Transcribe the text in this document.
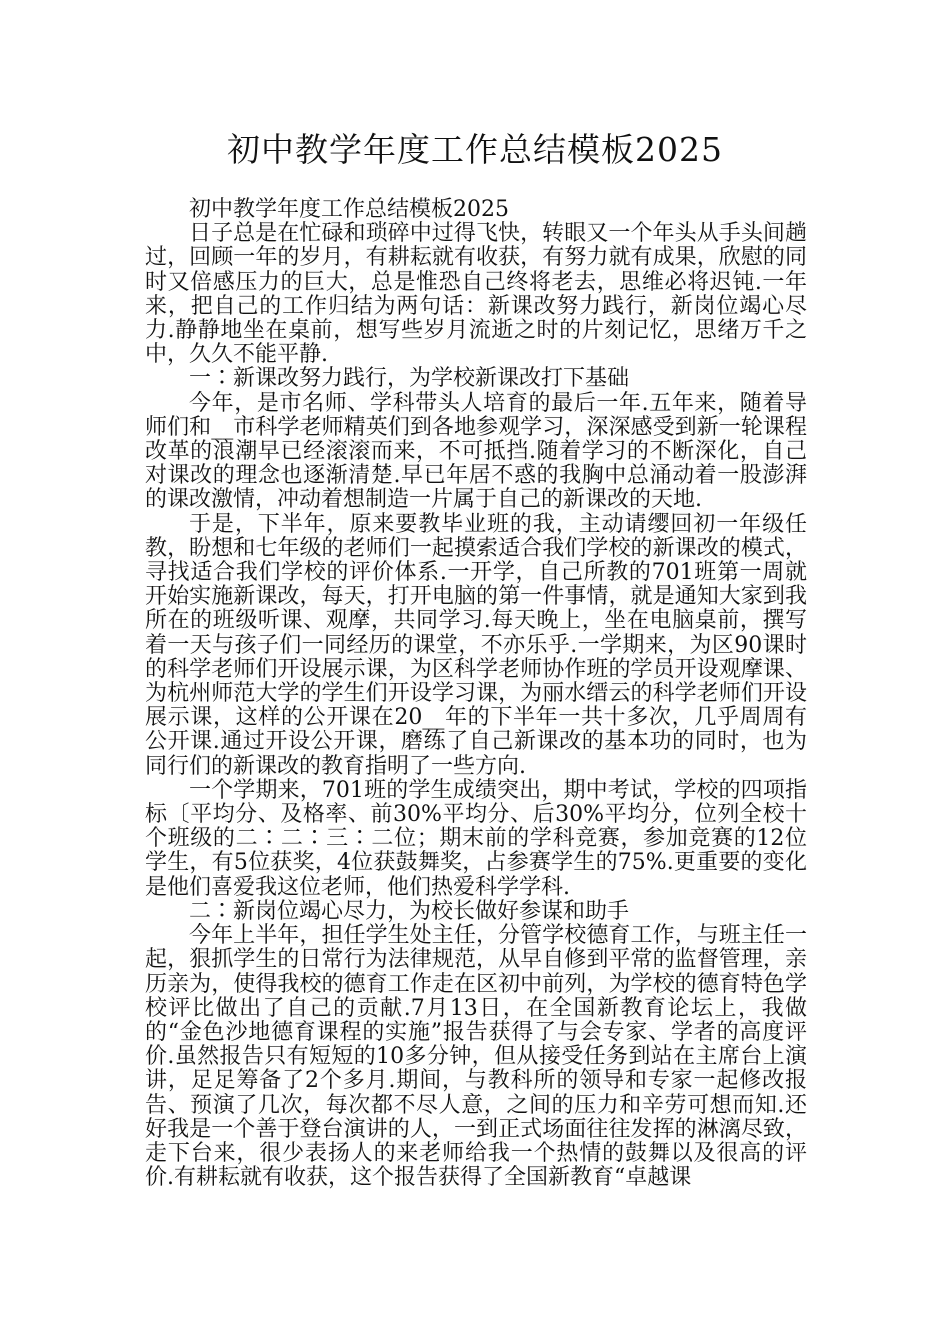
初中教学年度工作总结模板2025

初中教学年度工作总结模板2025

日子总是在忙碌和琐碎中过得飞快，转眼又一个年头从手头间趟过，回顾一年的岁月，有耕耘就有收获，有努力就有成果，欣慰的同时又倍感压力的巨大，总是惟恐自己终将老去，思维必将迟钝.一年来，把自己的工作归结为两句话：新课改努力践行，新岗位竭心尽力.静静地坐在桌前，想写些岁月流逝之时的片刻记忆，思绪万千之中，久久不能平静.

一∶新课改努力践行，为学校新课改打下基础

今年，是市名师、学科带头人培育的最后一年.五年来，随着导师们和__市科学老师精英们到各地参观学习，深深感受到新一轮课程改革的浪潮早已经滚滚而来，不可抵挡.随着学习的不断深化，自己对课改的理念也逐渐清楚.早已年居不惑的我胸中总涌动着一股澎湃的课改激情，冲动着想制造一片属于自己的新课改的天地.

于是，下半年，原来要教毕业班的我，主动请缨回初一年级任教，盼想和七年级的老师们一起摸索适合我们学校的新课改的模式，寻找适合我们学校的评价体系.一开学，自己所教的701班第一周就开始实施新课改，每天，打开电脑的第一件事情，就是通知大家到我所在的班级听课、观摩，共同学习.每天晚上，坐在电脑桌前，撰写着一天与孩子们一同经历的课堂，不亦乐乎.一学期来，为区90课时的科学老师们开设展示课，为区科学老师协作班的学员开设观摩课、为杭州师范大学的学生们开设学习课，为丽水缙云的科学老师们开设展示课，这样的公开课在20__年的下半年一共十多次，几乎周周有公开课.通过开设公开课，磨练了自己新课改的基本功的同时，也为同行们的新课改的教育指明了一些方向.

一个学期来，701班的学生成绩突出，期中考试，学校的四项指标〔平均分、及格率、前30%平均分、后30%平均分，位列全校十个班级的二∶二∶三∶二位；期末前的学科竞赛，参加竞赛的12位学生，有5位获奖，4位获鼓舞奖，占参赛学生的75%.更重要的变化是他们喜爱我这位老师，他们热爱科学学科.

二∶新岗位竭心尽力，为校长做好参谋和助手

今年上半年，担任学生处主任，分管学校德育工作，与班主任一起，狠抓学生的日常行为法律规范，从早自修到平常的监督管理，亲历亲为，使得我校的德育工作走在区初中前列，为学校的德育特色学校评比做出了自己的贡献.7月13日，在全国新教育论坛上，我做的“金色沙地德育课程的实施”报告获得了与会专家、学者的高度评价.虽然报告只有短短的10多分钟，但从接受任务到站在主席台上演讲，足足筹备了2个多月.期间，与教科所的领导和专家一起修改报告、预演了几次，每次都不尽人意，之间的压力和辛劳可想而知.还好我是一个善于登台演讲的人，一到正式场面往往发挥的淋漓尽致，走下台来，很少表扬人的来老师给我一个热情的鼓舞以及很高的评价.有耕耘就有收获，这个报告获得了全国新教育“卓越课
